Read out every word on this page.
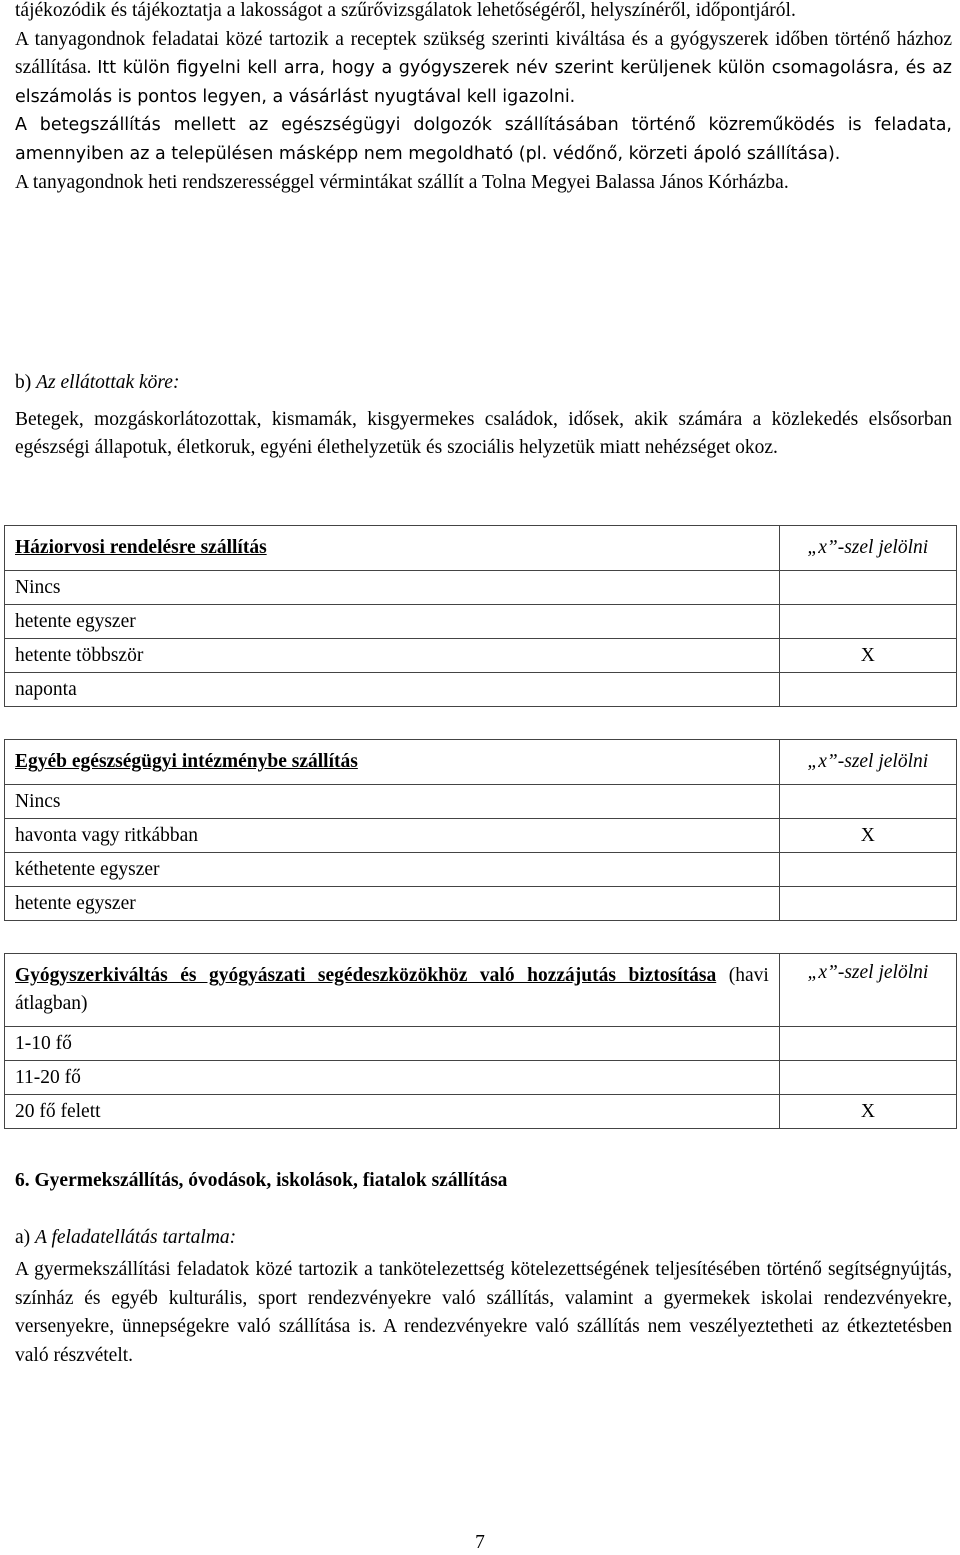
tájékozódik és tájékoztatja a lakosságot a szűrővizsgálatok lehetőségéről, helyszínéről, időpontjáról.

A tanyagondnok feladatai közé tartozik a receptek szükség szerinti kiváltása és a gyógyszerek időben történő házhoz szállítása. Itt külön figyelni kell arra, hogy a gyógyszerek név szerint kerüljenek külön csomagolásra, és az elszámolás is pontos legyen, a vásárlást nyugtával kell igazolni.

A betegszállítás mellett az egészségügyi dolgozók szállításában történő közreműködés is feladata, amennyiben az a településen másképp nem megoldható (pl. védőnő, körzeti ápoló szállítása).

A tanyagondnok heti rendszerességgel vérmintákat szállít a Tolna Megyei Balassa János Kórházba.

b) Az ellátottak köre:

Betegek, mozgáskorlátozottak, kismamák, kisgyermekes családok, idősek, akik számára a közlekedés elsősorban egészségi állapotuk, életkoruk, egyéni élethelyzetük és szociális helyzetük miatt nehézséget okoz.

Háziorvosi rendelésre szállítás	„x”-szel jelölni
Nincs	
hetente egyszer	
hetente többször	X
naponta	
Egyéb egészségügyi intézménybe szállítás	„x”-szel jelölni
Nincs	
havonta vagy ritkábban	X
kéthetente egyszer	
hetente egyszer	
Gyógyszerkiváltás és gyógyászati segédeszközökhöz való hozzájutás biztosítása (havi átlagban)	„x”-szel jelölni
1-10 fő	
11-20 fő	
20 fő felett	X

6. Gyermekszállítás, óvodások, iskolások, fiatalok szállítása

a) A feladatellátás tartalma:

A gyermekszállítási feladatok közé tartozik a tankötelezettség kötelezettségének teljesítésében történő segítségnyújtás, színház és egyéb kulturális, sport rendezvényekre való szállítás, valamint a gyermekek iskolai rendezvényekre, versenyekre, ünnepségekre való szállítása is. A rendezvényekre való szállítás nem veszélyeztetheti az étkeztetésben való részvételt.

7
